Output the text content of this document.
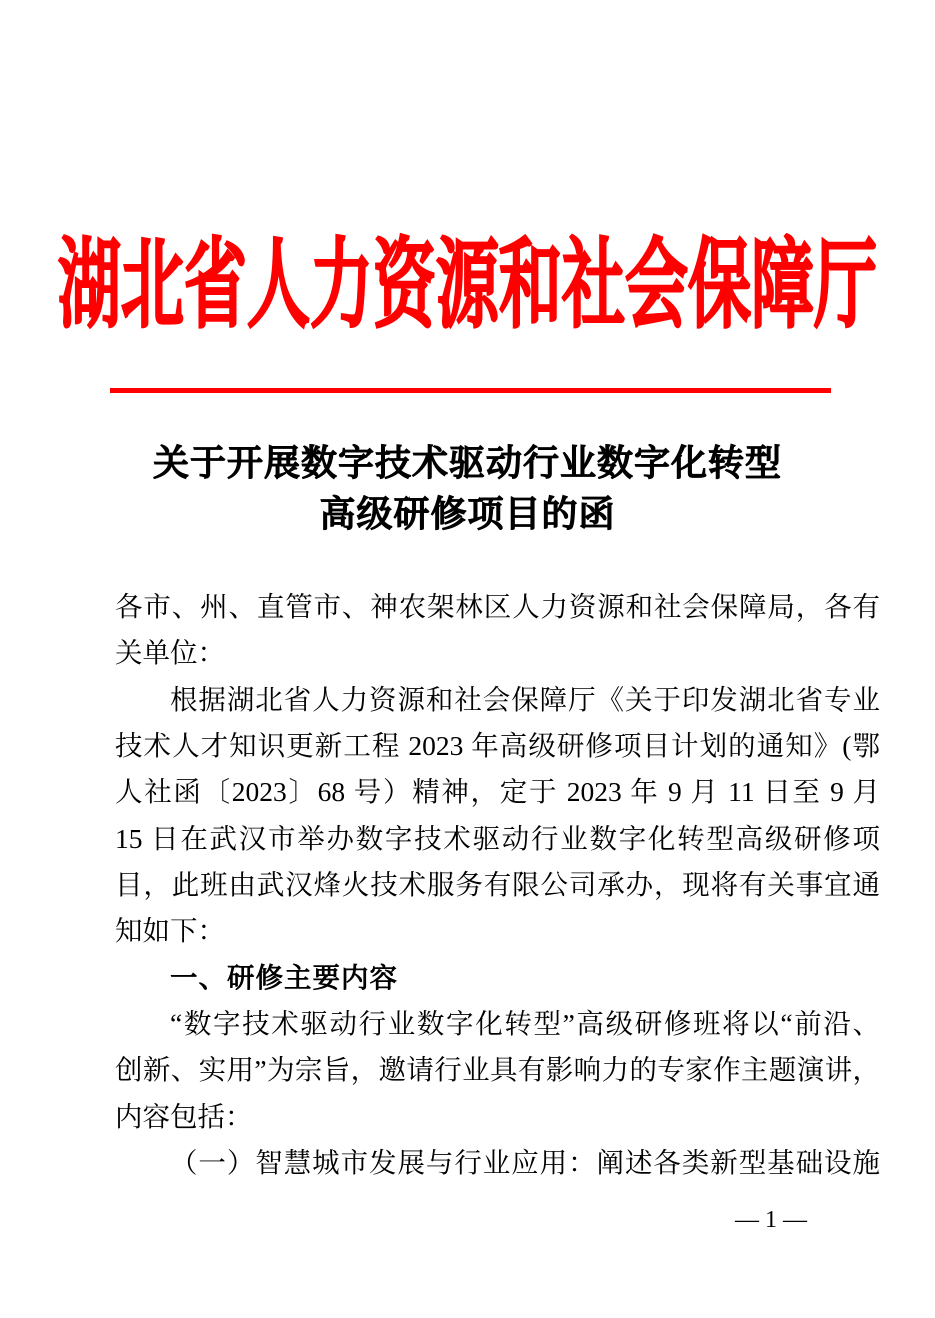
湖北省人力资源和社会保障厅
关于开展数字技术驱动行业数字化转型
高级研修项目的函
各市、州、直管市、神农架林区人力资源和社会保障局，各有
关单位：
根据湖北省人力资源和社会保障厅《关于印发湖北省专业
技术人才知识更新工程 2023 年高级研修项目计划的通知》(鄂
人社函〔2023〕68 号）精神，定于 2023 年 9 月 11 日至 9 月
15 日在武汉市举办数字技术驱动行业数字化转型高级研修项
目，此班由武汉烽火技术服务有限公司承办，现将有关事宜通
知如下：
一、研修主要内容
“数字技术驱动行业数字化转型”高级研修班将以“前沿、
创新、实用”为宗旨，邀请行业具有影响力的专家作主题演讲，
内容包括：
（一）智慧城市发展与行业应用：阐述各类新型基础设施
— 1 —
